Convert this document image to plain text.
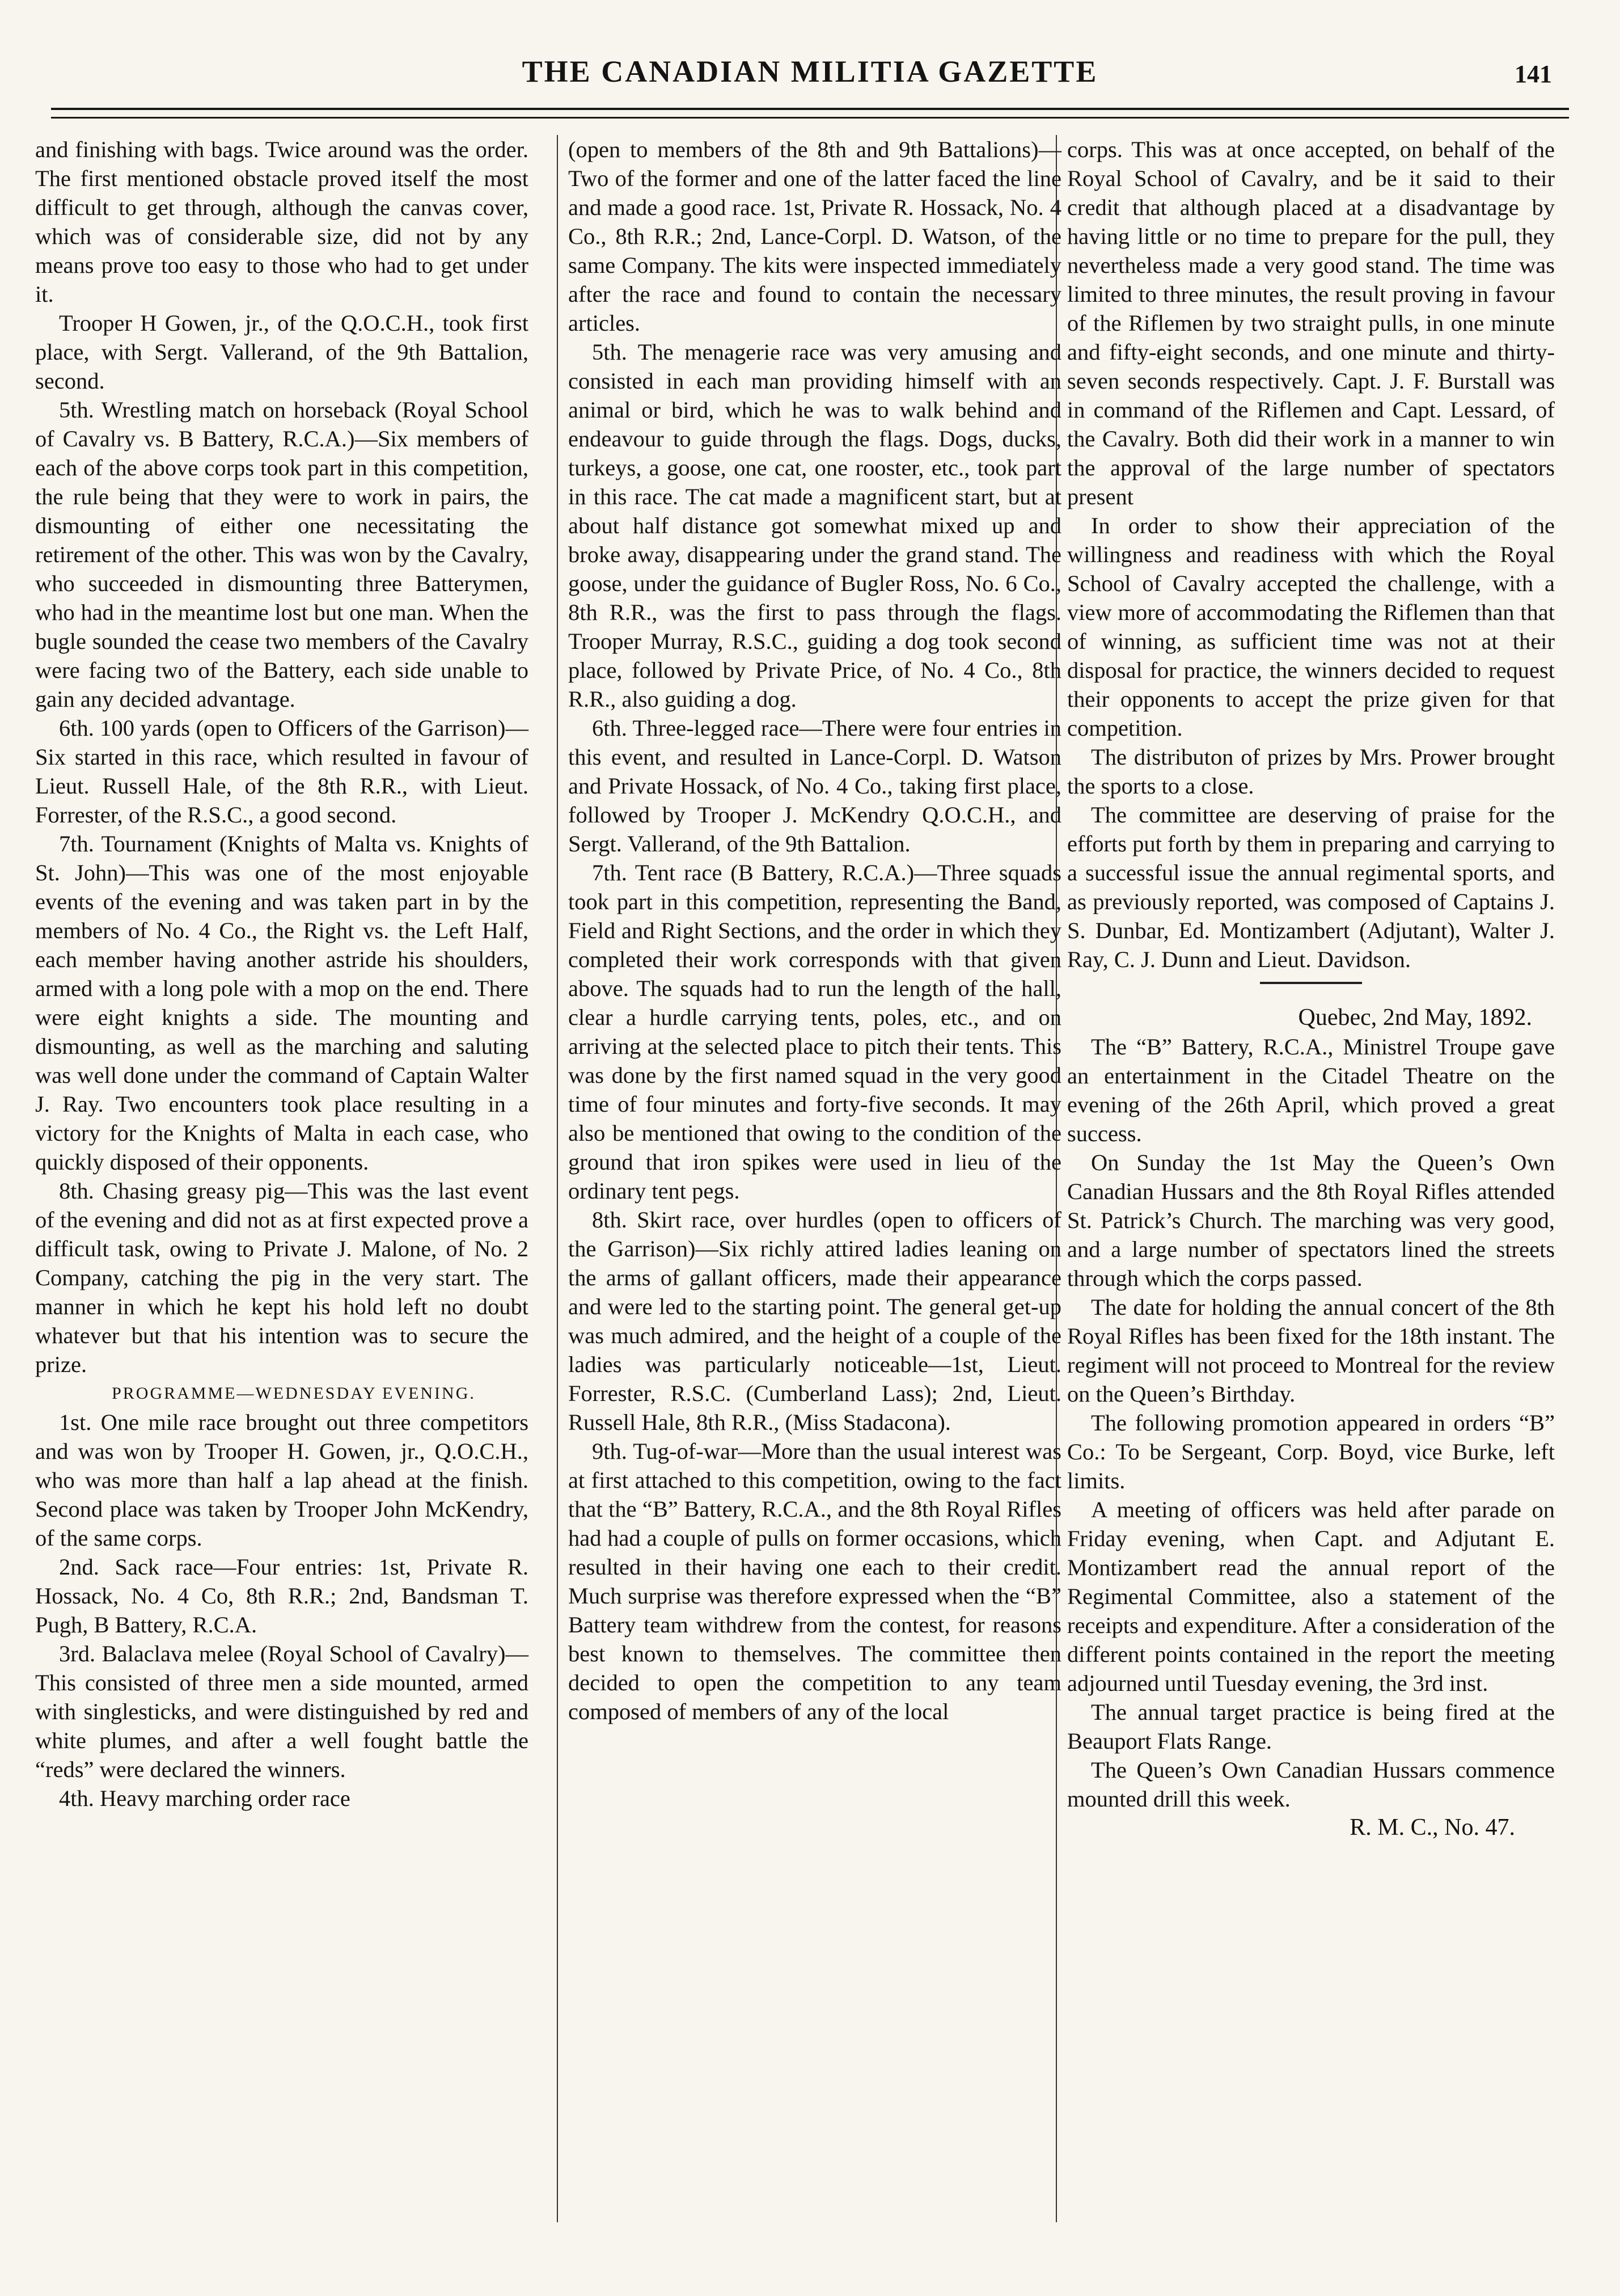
THE CANADIAN MILITIA GAZETTE	141

and finishing with bags. Twice around was the order. The first mentioned obstacle proved itself the most difficult to get through, although the canvas cover, which was of considerable size, did not by any means prove too easy to those who had to get under it.

Trooper H Gowen, jr., of the Q.O.C.H., took first place, with Sergt. Vallerand, of the 9th Battalion, second.

5th. Wrestling match on horseback (Royal School of Cavalry vs. B Battery, R.C.A.)—Six members of each of the above corps took part in this competition, the rule being that they were to work in pairs, the dismounting of either one necessitating the retirement of the other. This was won by the Cavalry, who succeeded in dismounting three Batterymen, who had in the meantime lost but one man. When the bugle sounded the cease two members of the Cavalry were facing two of the Battery, each side unable to gain any decided advantage.

6th. 100 yards (open to Officers of the Garrison)—Six started in this race, which resulted in favour of Lieut. Russell Hale, of the 8th R.R., with Lieut. Forrester, of the R.S.C., a good second.

7th. Tournament (Knights of Malta vs. Knights of St. John)—This was one of the most enjoyable events of the evening and was taken part in by the members of No. 4 Co., the Right vs. the Left Half, each member having another astride his shoulders, armed with a long pole with a mop on the end. There were eight knights a side. The mounting and dismounting, as well as the marching and saluting was well done under the command of Captain Walter J. Ray. Two encounters took place resulting in a victory for the Knights of Malta in each case, who quickly disposed of their opponents.

8th. Chasing greasy pig—This was the last event of the evening and did not as at first expected prove a difficult task, owing to Private J. Malone, of No. 2 Company, catching the pig in the very start. The manner in which he kept his hold left no doubt whatever but that his intention was to secure the prize.

PROGRAMME—WEDNESDAY EVENING.

1st. One mile race brought out three competitors and was won by Trooper H. Gowen, jr., Q.O.C.H., who was more than half a lap ahead at the finish. Second place was taken by Trooper John McKendry, of the same corps.

2nd. Sack race—Four entries: 1st, Private R. Hossack, No. 4 Co, 8th R.R.; 2nd, Bandsman T. Pugh, B Battery, R.C.A.

3rd. Balaclava melee (Royal School of Cavalry)—This consisted of three men a side mounted, armed with singlesticks, and were distinguished by red and white plumes, and after a well fought battle the “reds” were declared the winners.

4th. Heavy marching order race

(open to members of the 8th and 9th Battalions)—Two of the former and one of the latter faced the line and made a good race. 1st, Private R. Hossack, No. 4 Co., 8th R.R.; 2nd, Lance-Corpl. D. Watson, of the same Company. The kits were inspected immediately after the race and found to contain the necessary articles.

5th. The menagerie race was very amusing and consisted in each man providing himself with an animal or bird, which he was to walk behind and endeavour to guide through the flags. Dogs, ducks, turkeys, a goose, one cat, one rooster, etc., took part in this race. The cat made a magnificent start, but at about half distance got somewhat mixed up and broke away, disappearing under the grand stand. The goose, under the guidance of Bugler Ross, No. 6 Co., 8th R.R., was the first to pass through the flags. Trooper Murray, R.S.C., guiding a dog took second place, followed by Private Price, of No. 4 Co., 8th R.R., also guiding a dog.

6th. Three-legged race—There were four entries in this event, and resulted in Lance-Corpl. D. Watson and Private Hossack, of No. 4 Co., taking first place, followed by Trooper J. McKendry Q.O.C.H., and Sergt. Vallerand, of the 9th Battalion.

7th. Tent race (B Battery, R.C.A.)—Three squads took part in this competition, representing the Band, Field and Right Sections, and the order in which they completed their work corresponds with that given above. The squads had to run the length of the hall, clear a hurdle carrying tents, poles, etc., and on arriving at the selected place to pitch their tents. This was done by the first named squad in the very good time of four minutes and forty-five seconds. It may also be mentioned that owing to the condition of the ground that iron spikes were used in lieu of the ordinary tent pegs.

8th. Skirt race, over hurdles (open to officers of the Garrison)—Six richly attired ladies leaning on the arms of gallant officers, made their appearance and were led to the starting point. The general get-up was much admired, and the height of a couple of the ladies was particularly noticeable—1st, Lieut. Forrester, R.S.C. (Cumberland Lass); 2nd, Lieut. Russell Hale, 8th R.R., (Miss Stadacona).

9th. Tug-of-war—More than the usual interest was at first attached to this competition, owing to the fact that the “B” Battery, R.C.A., and the 8th Royal Rifles had had a couple of pulls on former occasions, which resulted in their having one each to their credit. Much surprise was therefore expressed when the “B” Battery team withdrew from the contest, for reasons best known to themselves. The committee then decided to open the competition to any team composed of members of any of the local

corps. This was at once accepted, on behalf of the Royal School of Cavalry, and be it said to their credit that although placed at a disadvantage by having little or no time to prepare for the pull, they nevertheless made a very good stand. The time was limited to three minutes, the result proving in favour of the Riflemen by two straight pulls, in one minute and fifty-eight seconds, and one minute and thirty-seven seconds respectively. Capt. J. F. Burstall was in command of the Riflemen and Capt. Lessard, of the Cavalry. Both did their work in a manner to win the approval of the large number of spectators present

In order to show their appreciation of the willingness and readiness with which the Royal School of Cavalry accepted the challenge, with a view more of accommodating the Riflemen than that of winning, as sufficient time was not at their disposal for practice, the winners decided to request their opponents to accept the prize given for that competition.

The distributon of prizes by Mrs. Prower brought the sports to a close.

The committee are deserving of praise for the efforts put forth by them in preparing and carrying to a successful issue the annual regimental sports, and as previously reported, was composed of Captains J. S. Dunbar, Ed. Montizambert (Adjutant), Walter J. Ray, C. J. Dunn and Lieut. Davidson.

Quebec, 2nd May, 1892.

The “B” Battery, R.C.A., Ministrel Troupe gave an entertainment in the Citadel Theatre on the evening of the 26th April, which proved a great success.

On Sunday the 1st May the Queen’s Own Canadian Hussars and the 8th Royal Rifles attended St. Patrick’s Church. The marching was very good, and a large number of spectators lined the streets through which the corps passed.

The date for holding the annual concert of the 8th Royal Rifles has been fixed for the 18th instant. The regiment will not proceed to Montreal for the review on the Queen’s Birthday.

The following promotion appeared in orders “B” Co.: To be Sergeant, Corp. Boyd, vice Burke, left limits.

A meeting of officers was held after parade on Friday evening, when Capt. and Adjutant E. Montizambert read the annual report of the Regimental Committee, also a statement of the receipts and expenditure. After a consideration of the different points contained in the report the meeting adjourned until Tuesday evening, the 3rd inst.

The annual target practice is being fired at the Beauport Flats Range.

The Queen’s Own Canadian Hussars commence mounted drill this week.

R. M. C., No. 47.
